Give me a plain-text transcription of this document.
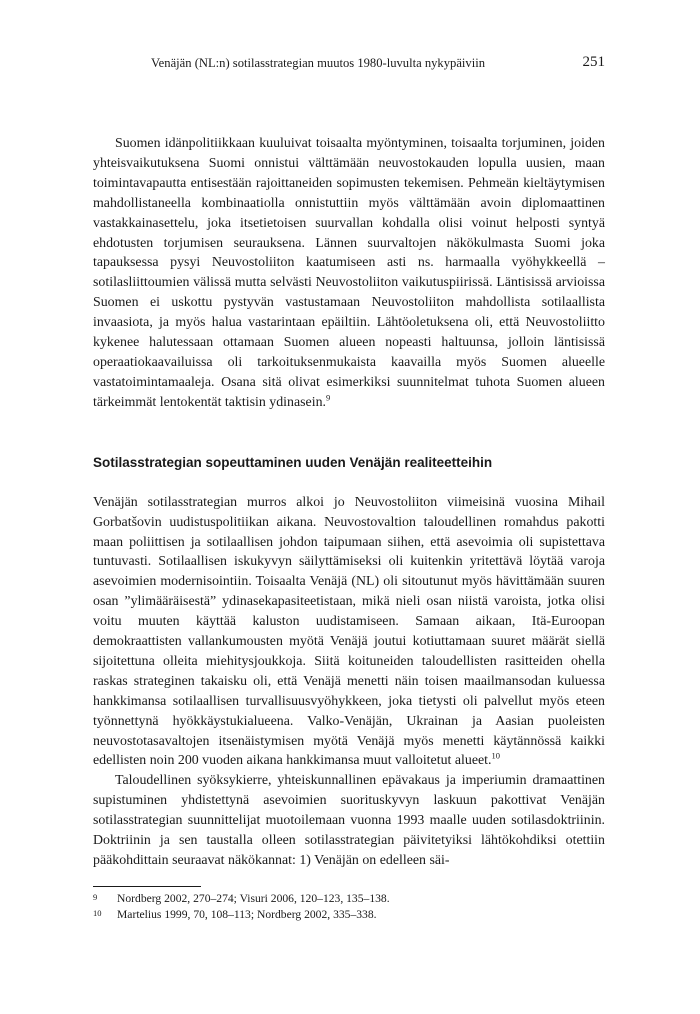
Venäjän (NL:n) sotilasstrategian muutos 1980-luvulta nykypäiviin	251

Suomen idänpolitiikkaan kuuluivat toisaalta myöntyminen, toisaalta torjuminen, joiden yhteisvaikutuksena Suomi onnistui välttämään neuvostokauden lopulla uusien, maan toimintavapautta entisestään rajoittaneiden sopimusten tekemisen. Pehmeän kieltäytymisen mahdollistaneella kombinaatiolla onnistuttiin myös välttämään avoin diplomaattinen vastakkainasettelu, joka itsetietoisen suurvallan kohdalla olisi voinut helposti syntyä ehdotusten torjumisen seurauksena. Lännen suurvaltojen näkökulmasta Suomi joka tapauksessa pysyi Neuvostoliiton kaatumiseen asti ns. harmaalla vyöhykkeellä – sotilasliittoumien välissä mutta selvästi Neuvostoliiton vaikutuspiirissä. Läntisissä arvioissa Suomen ei uskottu pystyvän vastustamaan Neuvostoliiton mahdollista sotilaallista invaasiota, ja myös halua vastarintaan epäiltiin. Lähtöoletuksena oli, että Neuvostoliitto kykenee halutessaan ottamaan Suomen alueen nopeasti haltuunsa, jolloin läntisissä operaatiokaavailuissa oli tarkoituksenmukaista kaavailla myös Suomen alueelle vastatoimintamaaleja. Osana sitä olivat esimerkiksi suunnitelmat tuhota Suomen alueen tärkeimmät lentokentät taktisin ydinasein.$^9$

Sotilasstrategian sopeuttaminen uuden Venäjän realiteetteihin

Venäjän sotilasstrategian murros alkoi jo Neuvostoliiton viimeisinä vuosina Mihail Gorbatšovin uudistuspolitiikan aikana. Neuvostovaltion taloudellinen romahdus pakotti maan poliittisen ja sotilaallisen johdon taipumaan siihen, että asevoimia oli supistettava tuntuvasti. Sotilaallisen iskukyvyn säilyttämiseksi oli kuitenkin yritettävä löytää varoja asevoimien modernisointiin. Toisaalta Venäjä (NL) oli sitoutunut myös hävittämään suuren osan ”ylimääräisestä” ydinasekapasiteetistaan, mikä nieli osan niistä varoista, jotka olisi voitu muuten käyttää kaluston uudistamiseen. Samaan aikaan, Itä-Euroopan demokraattisten vallankumousten myötä Venäjä joutui kotiuttamaan suuret määrät siellä sijoitettuna olleita miehitysjoukkoja. Siitä koituneiden taloudellisten rasitteiden ohella raskas strateginen takaisku oli, että Venäjä menetti näin toisen maailmansodan kuluessa hankkimansa sotilaallisen turvallisuusvyöhykkeen, joka tietysti oli palvellut myös eteen työnnettynä hyökkäystukialueena. Valko-Venäjän, Ukrainan ja Aasian puoleisten neuvostotasavaltojen itsenäistymisen myötä Venäjä myös menetti käytännössä kaikki edellisten noin 200 vuoden aikana hankkimansa muut valloitetut alueet.$^{10}$

Taloudellinen syöksykierre, yhteiskunnallinen epävakaus ja imperiumin dramaattinen supistuminen yhdistettynä asevoimien suorituskyvyn laskuun pakottivat Venäjän sotilasstrategian suunnittelijat muotoilemaan vuonna 1993 maalle uuden sotilasdoktriinin. Doktriinin ja sen taustalla olleen sotilasstrategian päivitetyiksi lähtökohdiksi otettiin pääkohdittain seuraavat näkökannat: 1) Venäjän on edelleen säi-

9 Nordberg 2002, 270–274; Visuri 2006, 120–123, 135–138.
10 Martelius 1999, 70, 108–113; Nordberg 2002, 335–338.
